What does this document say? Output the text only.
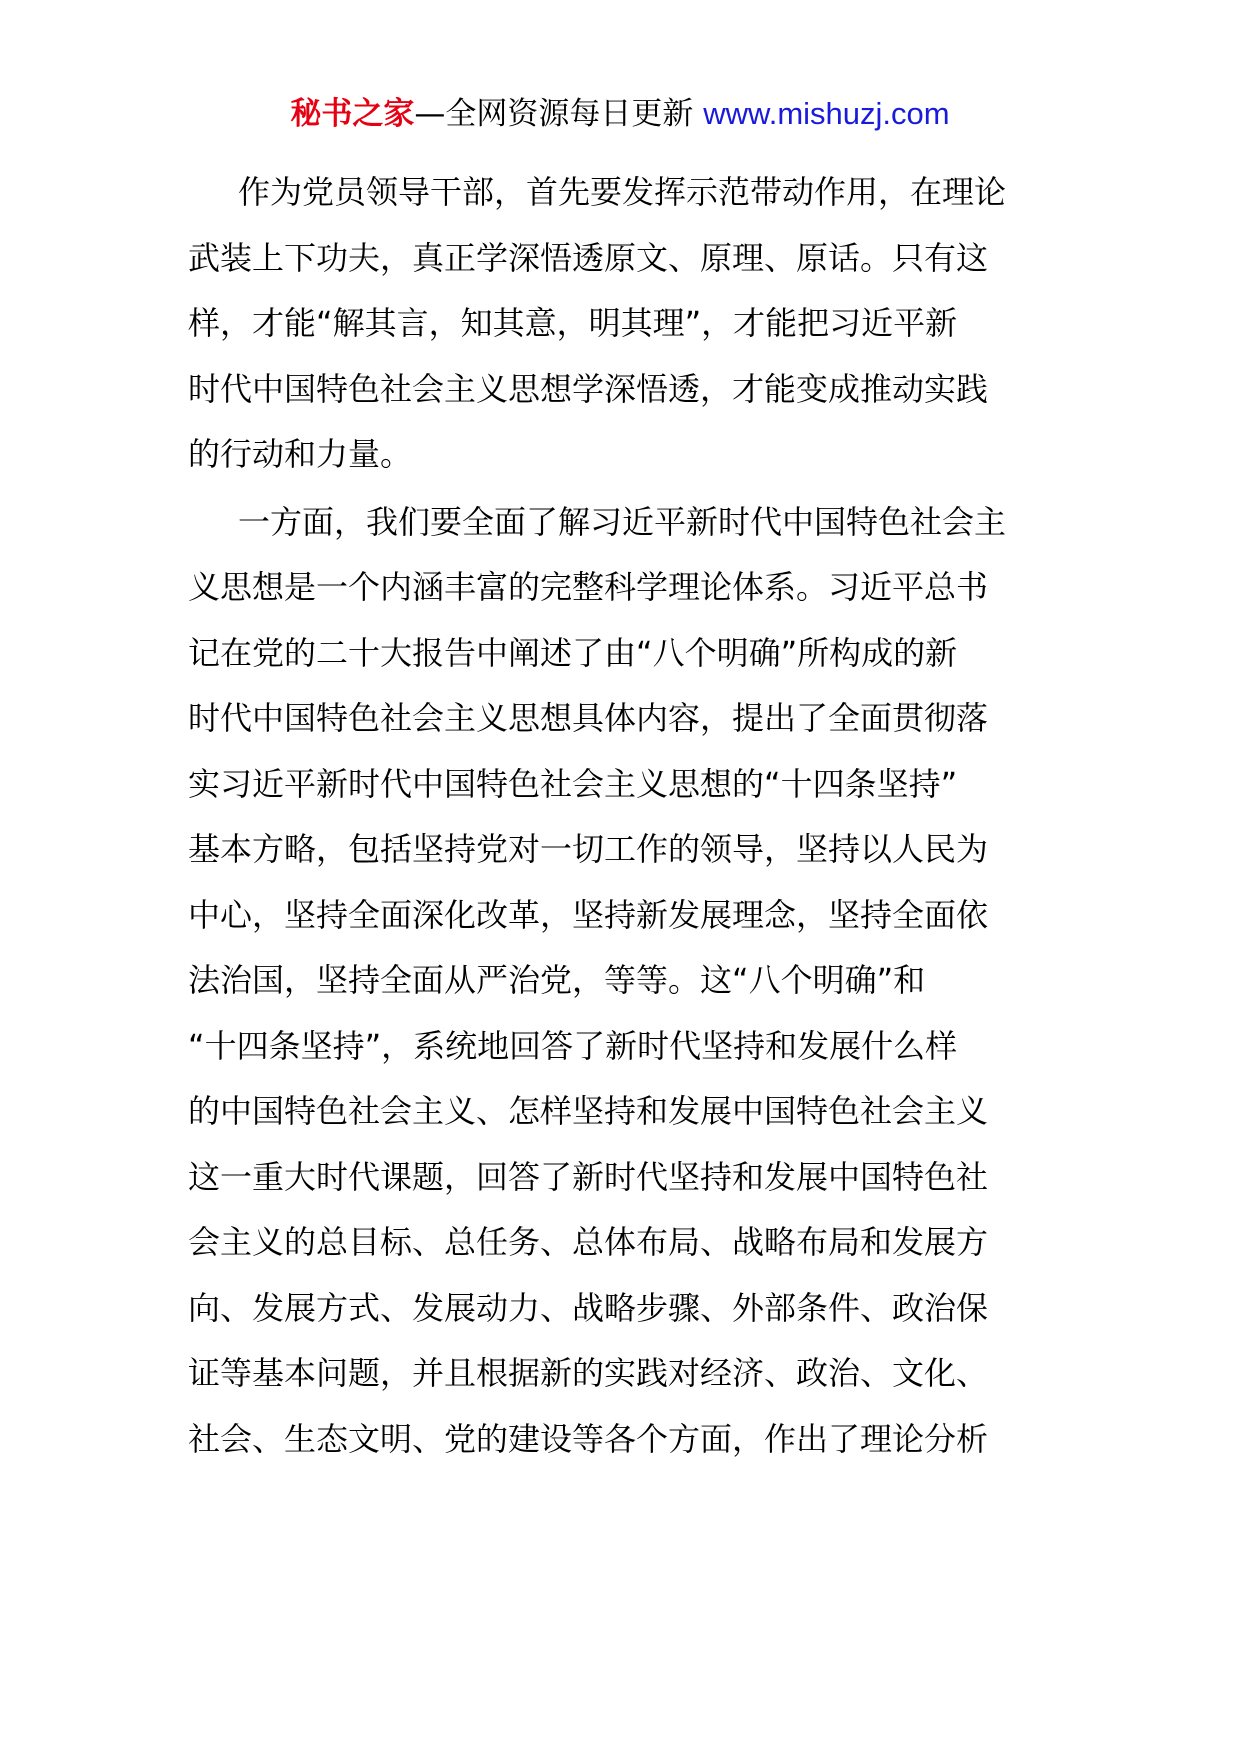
秘书之家—全网资源每日更新 www.mishuzj.com
作为党员领导干部，首先要发挥示范带动作用，在理论
武装上下功夫，真正学深悟透原文、原理、原话。只有这
样，才能“解其言，知其意，明其理”，才能把习近平新
时代中国特色社会主义思想学深悟透，才能变成推动实践
的行动和力量。
一方面，我们要全面了解习近平新时代中国特色社会主
义思想是一个内涵丰富的完整科学理论体系。习近平总书
记在党的二十大报告中阐述了由“八个明确”所构成的新
时代中国特色社会主义思想具体内容，提出了全面贯彻落
实习近平新时代中国特色社会主义思想的“十四条坚持”
基本方略，包括坚持党对一切工作的领导，坚持以人民为
中心，坚持全面深化改革，坚持新发展理念，坚持全面依
法治国，坚持全面从严治党，等等。这“八个明确”和
“十四条坚持”，系统地回答了新时代坚持和发展什么样
的中国特色社会主义、怎样坚持和发展中国特色社会主义
这一重大时代课题，回答了新时代坚持和发展中国特色社
会主义的总目标、总任务、总体布局、战略布局和发展方
向、发展方式、发展动力、战略步骤、外部条件、政治保
证等基本问题，并且根据新的实践对经济、政治、文化、
社会、生态文明、党的建设等各个方面，作出了理论分析
